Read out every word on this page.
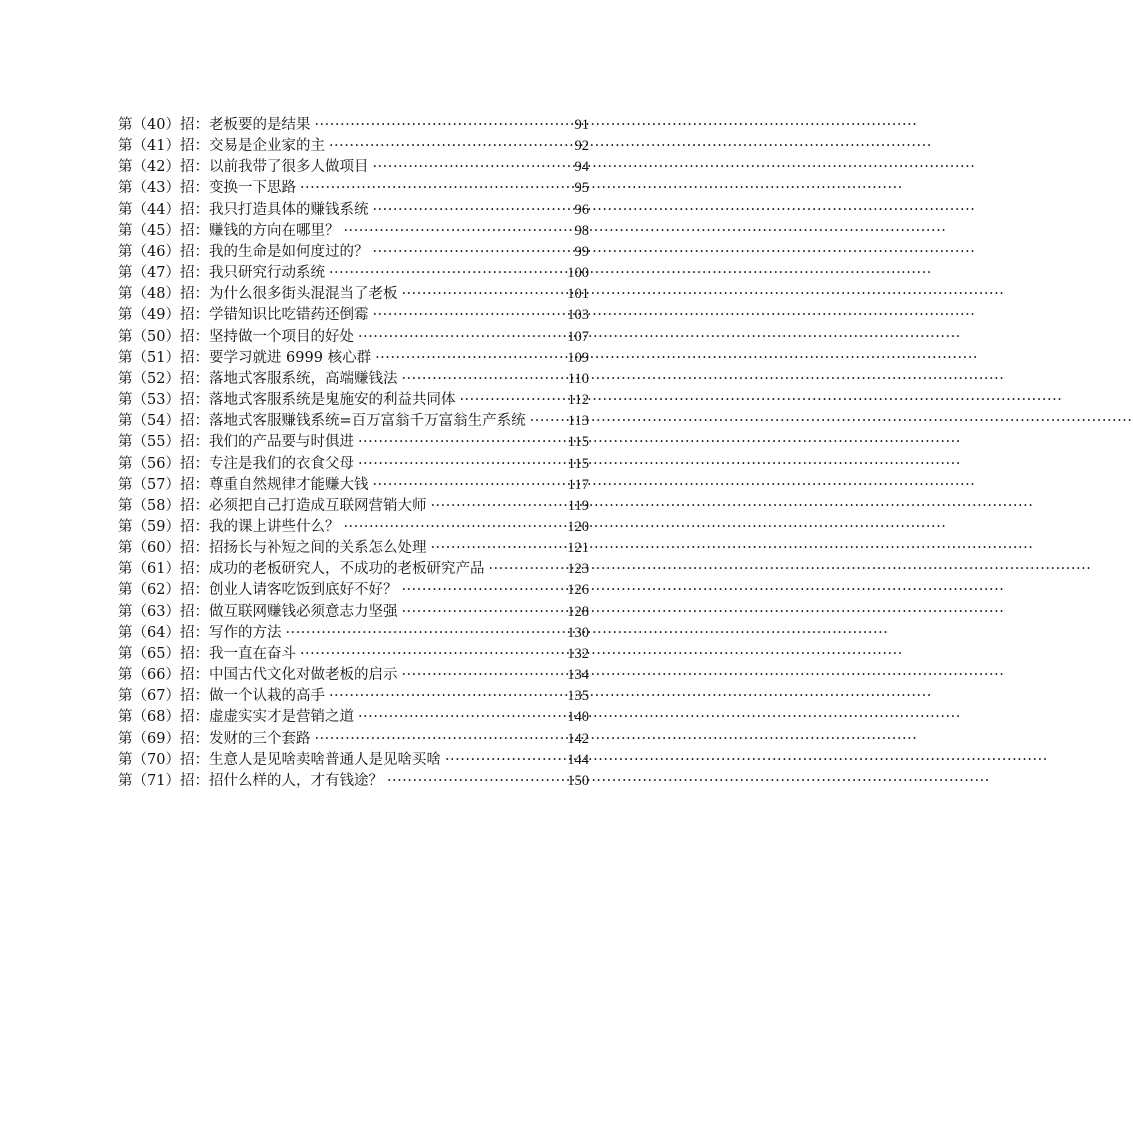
第（40）招： 老板要的是结果 ·····	91
第（41）招： 交易是企业家的主 ·····	92
第（42）招： 以前我带了很多人做项目 ·····	94
第（43）招： 变换一下思路 ·····	95
第（44）招： 我只打造具体的赚钱系统 ·····	96
第（45）招： 赚钱的方向在哪里？ ·····	98
第（46）招： 我的生命是如何度过的？ ·····	99
第（47）招： 我只研究行动系统 ·····	100
第（48）招： 为什么很多街头混混当了老板 ·····	101
第（49）招： 学错知识比吃错药还倒霉 ·····	103
第（50）招： 坚持做一个项目的好处 ·····	107
第（51）招： 要学习就进 6999 核心群 ·····	109
第（52）招： 落地式客服系统，高端赚钱法 ·····	110
第（53）招： 落地式客服系统是鬼施安的利益共同体 ·····	112
第（54）招： 落地式客服赚钱系统=百万富翁千万富翁生产系统 ·····	113
第（55）招： 我们的产品要与时俱进 ·····	115
第（56）招： 专注是我们的衣食父母 ·····	115
第（57）招： 尊重自然规律才能赚大钱 ·····	117
第（58）招： 必须把自己打造成互联网营销大师 ·····	119
第（59）招： 我的课上讲些什么？ ·····	120
第（60）招： 招扬长与补短之间的关系怎么处理 ·····	121
第（61）招： 成功的老板研究人，不成功的老板研究产品 ·····	123
第（62）招： 创业人请客吃饭到底好不好？ ·····	126
第（63）招： 做互联网赚钱必须意志力坚强 ·····	128
第（64）招： 写作的方法 ·····	130
第（65）招： 我一直在奋斗 ·····	132
第（66）招： 中国古代文化对做老板的启示 ·····	134
第（67）招： 做一个认栽的高手 ·····	135
第（68）招： 虚虚实实才是营销之道 ·····	140
第（69）招： 发财的三个套路 ·····	142
第（70）招： 生意人是见啥卖啥普通人是见啥买啥 ·····	144
第（71）招： 招什么样的人，才有钱途？ ·····	150
